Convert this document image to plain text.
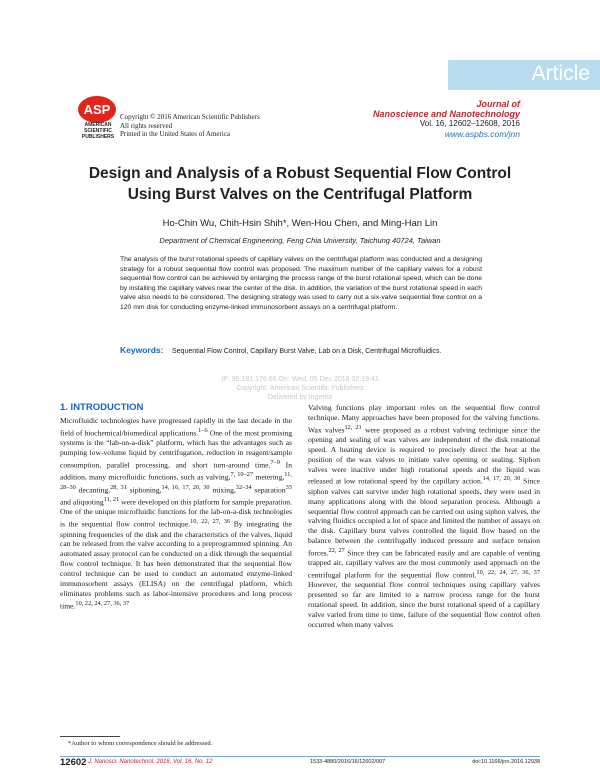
Article
ASP
AMERICAN SCIENTIFIC PUBLISHERS
Copyright © 2016 American Scientific Publishers
All rights reserved
Printed in the United States of America
Journal of
Nanoscience and Nanotechnology
Vol. 16, 12602–12608, 2016
www.aspbs.com/jnn
Design and Analysis of a Robust Sequential Flow Control
Using Burst Valves on the Centrifugal Platform
Ho-Chin Wu, Chih-Hsin Shih*, Wen-Hou Chen, and Ming-Han Lin
Department of Chemical Engineering, Feng Chia University, Taichung 40724, Taiwan
The analysis of the burst rotational speeds of capillary valves on the centrifugal platform was conducted and a designing strategy for a robust sequential flow control was proposed. The maximum number of the capillary valves for a robust sequential flow control can be achieved by enlarging the process range of the burst rotational speed, which can be done by installing the capillary valves near the center of the disk. In addition, the variation of the burst rotational speed in each valve also needs to be considered. The designing strategy was used to carry out a six-valve sequential flow control on a 120 mm disk for conducting enzyme-linked immunosorbent assays on a centrifugal platform.
Keywords: Sequential Flow Control, Capillary Burst Valve, Lab on a Disk, Centrifugal Microfluidics.
IP: 95.181.176.66 On: Wed, 05 Dec 2018 02:19:41
Copyright: American Scientific Publishers
Delivered by Ingenta
1. INTRODUCTION
Microfluidic technologies have progressed rapidly in the last decade in the field of biochemical/biomedical applications.$^{1-6}$ One of the most promising systems is the “lab-on-a-disk” platform, which has the advantages such as pumping low-volume liquid by centrifugation, reduction in reagent/sample consumption, parallel processing, and short turn-around time.$^{7-9}$ In addition, many microfluidic functions, such as valving,$^{7, 10-27}$ metering,$^{11, 28-30}$ decanting,$^{28, 31}$ siphoning,$^{14, 16, 17, 20, 30}$ mixing,$^{32-34}$ separation$^{35}$ and aliquoting$^{11, 21}$ were developed on this platform for sample preparation. One of the unique microfluidic functions for the lab-on-a-disk technologies is the sequential flow control technique.$^{10, 22, 27, 36}$ By integrating the spinning frequencies of the disk and the characteristics of the valves, liquid can be released from the valve according to a preprogrammed spinning. An automated assay protocol can be conducted on a disk through the sequential flow control technique. It has been demonstrated that the sequential flow control technique can be used to conduct an automated enzyme-linked immunosorbent assays (ELISA) on the centrifugal platform, which eliminates problems such as labor-intensive procedures and long process time.$^{10, 22, 24, 27, 36, 37}$
Valving functions play important roles on the sequential flow control technique. Many approaches have been proposed for the valving functions. Wax valves$^{12, 21}$ were proposed as a robust valving technique since the opening and sealing of wax valves are independent of the disk rotational speed. A heating device is required to precisely direct the heat at the position of the wax valves to initiate valve opening or sealing. Siphon valves were inactive under high rotational speeds and the liquid was released at low rotational speed by the capillary action.$^{14, 17, 20, 30}$ Since siphon valves can survive under high rotational speeds, they were used in many applications along with the blood separation process. Although a sequential flow control approach can be carried out using siphon valves, the valving fluidics occupied a lot of space and limited the number of assays on the disk. Capillary burst valves controlled the liquid flow based on the balance between the centrifugally induced pressure and surface tension forces.$^{22, 27}$ Since they can be fabricated easily and are capable of venting trapped air, capillary valves are the most commonly used approach on the centrifugal platform for the sequential flow control.$^{10, 22, 24, 27, 36, 37}$ However, the sequential flow control techniques using capillary valves presented so far are limited to a narrow process range for the burst rotational speed. In addition, since the burst rotational speed of a capillary valve varied from time to time, failure of the sequential flow control often occurred when many valves
*Author to whom correspondence should be addressed.
12602 J. Nanosci. Nanotechnol. 2016, Vol. 16, No. 12	1533-4880/2016/16/12602/007	doi:10.1166/jnn.2016.12938
